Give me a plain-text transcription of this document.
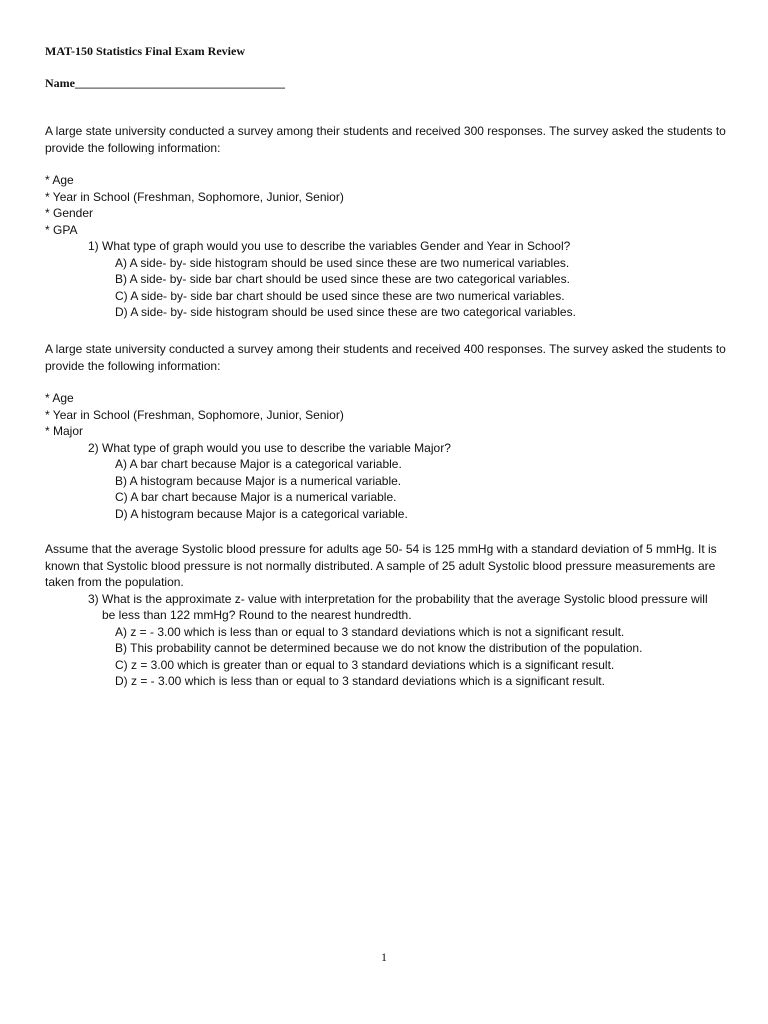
MAT-150 Statistics Final Exam Review
Name___________________________________

A large state university conducted a survey among their students and received 300 responses. The survey asked the students to provide the following information:

* Age
* Year in School (Freshman, Sophomore, Junior, Senior)
* Gender
* GPA

1) What type of graph would you use to describe the variables Gender and Year in School?

A) A side- by- side histogram should be used since these are two numerical variables.
B) A side- by- side bar chart should be used since these are two categorical variables.
C) A side- by- side bar chart should be used since these are two numerical variables.
D) A side- by- side histogram should be used since these are two categorical variables.

A large state university conducted a survey among their students and received 400 responses. The survey asked the students to provide the following information:

* Age
* Year in School (Freshman, Sophomore, Junior, Senior)
* Major

2) What type of graph would you use to describe the variable Major?

A) A bar chart because Major is a categorical variable.
B) A histogram because Major is a numerical variable.
C) A bar chart because Major is a numerical variable.
D) A histogram because Major is a categorical variable.

Assume that the average Systolic blood pressure for adults age 50- 54 is 125 mmHg with a standard deviation of 5 mmHg. It is known that Systolic blood pressure is not normally distributed. A sample of 25 adult Systolic blood pressure measurements are taken from the population.

3) What is the approximate z- value with interpretation for the probability that the average Systolic blood pressure will be less than 122 mmHg? Round to the nearest hundredth.

A) z = - 3.00 which is less than or equal to 3 standard deviations which is not a significant result.
B) This probability cannot be determined because we do not know the distribution of the population.
C) z = 3.00 which is greater than or equal to 3 standard deviations which is a significant result.
D) z = - 3.00 which is less than or equal to 3 standard deviations which is a significant result.
1
